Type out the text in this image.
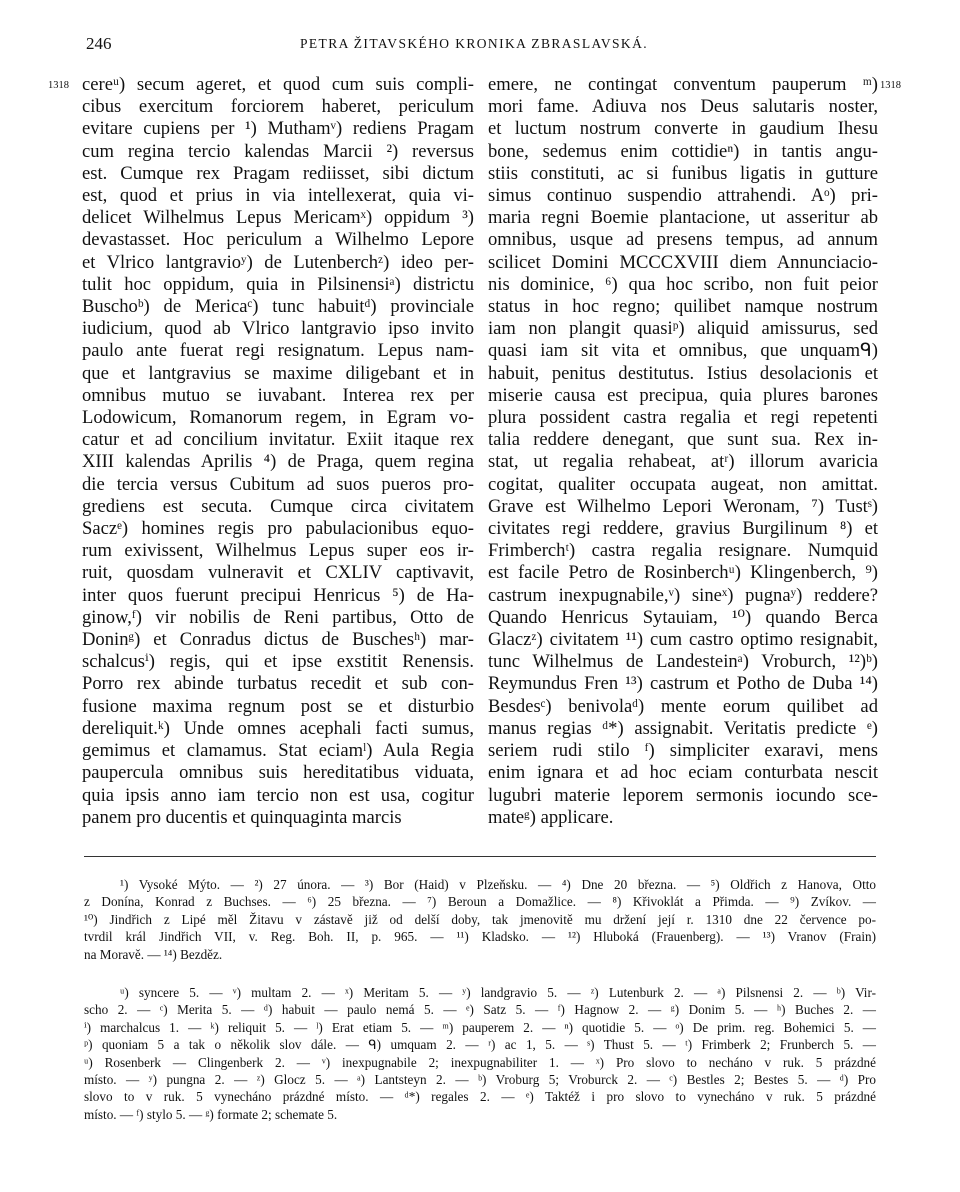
246	PETRA ŽITAVSKÉHO KRONIKA ZBRASLAVSKÁ.
1318	1318
cereᵘ) secum ageret, et quod cum suis compli-
cibus exercitum forciorem haberet, periculum
evitare cupiens per ¹) Muthamᵛ) rediens Pragam
cum regina tercio kalendas Marcii ²) reversus
est. Cumque rex Pragam rediisset, sibi dictum
est, quod et prius in via intellexerat, quia vi-
delicet Wilhelmus Lepus Mericamˣ) oppidum ³)
devastasset. Hoc periculum a Wilhelmo Lepore
et Vlrico lantgravioʸ) de Lutenberchᶻ) ideo per-
tulit hoc oppidum, quia in Pilsinensiᵃ) districtu
Buschoᵇ) de Mericaᶜ) tunc habuitᵈ) provinciale
iudicium, quod ab Vlrico lantgravio ipso invito
paulo ante fuerat regi resignatum. Lepus nam-
que et lantgravius se maxime diligebant et in
omnibus mutuo se iuvabant. Interea rex per
Lodowicum, Romanorum regem, in Egram vo-
catur et ad concilium invitatur. Exiit itaque rex
XIII kalendas Aprilis ⁴) de Praga, quem regina
die tercia versus Cubitum ad suos pueros pro-
grediens est secuta. Cumque circa civitatem
Saczᵉ) homines regis pro pabulacionibus equo-
rum exivissent, Wilhelmus Lepus super eos ir-
ruit, quosdam vulneravit et CXLIV captivavit,
inter quos fuerunt precipui Henricus ⁵) de Ha-
ginow,ᶠ) vir nobilis de Reni partibus, Otto de
Doninᵍ) et Conradus dictus de Buschesʰ) mar-
schalcusⁱ) regis, qui et ipse exstitit Renensis.
Porro rex abinde turbatus recedit et sub con-
fusione maxima regnum post se et disturbio
dereliquit.ᵏ) Unde omnes acephali facti sumus,
gemimus et clamamus. Stat eciamˡ) Aula Regia
paupercula omnibus suis hereditatibus viduata,
quia ipsis anno iam tercio non est usa, cogitur
panem pro ducentis et quinquaginta marcis
emere, ne contingat conventum pauperum ᵐ)
mori fame. Adiuva nos Deus salutaris noster,
et luctum nostrum converte in gaudium Ihesu
bone, sedemus enim cottidieⁿ) in tantis angu-
stiis constituti, ac si funibus ligatis in gutture
simus continuo suspendio attrahendi. Aᵒ) pri-
maria regni Boemie plantacione, ut asseritur ab
omnibus, usque ad presens tempus, ad annum
scilicet Domini MCCCXVIII diem Annunciacio-
nis dominice, ⁶) qua hoc scribo, non fuit peior
status in hoc regno; quilibet namque nostrum
iam non plangit quasiᵖ) aliquid amissurus, sed
quasi iam sit vita et omnibus, que unquamᑫ)
habuit, penitus destitutus. Istius desolacionis et
miserie causa est precipua, quia plures barones
plura possident castra regalia et regi repetenti
talia reddere denegant, que sunt sua. Rex in-
stat, ut regalia rehabeat, atʳ) illorum avaricia
cogitat, qualiter occupata augeat, non amittat.
Grave est Wilhelmo Lepori Weronam, ⁷) Tustˢ)
civitates regi reddere, gravius Burgilinum ⁸) et
Frimberchᵗ) castra regalia resignare. Numquid
est facile Petro de Rosinberchᵘ) Klingenberch, ⁹)
castrum inexpugnabile,ᵛ) sineˣ) pugnaʸ) reddere?
Quando Henricus Sytauiam, ¹⁰) quando Berca
Glaczᶻ) civitatem ¹¹) cum castro optimo resignabit,
tunc Wilhelmus de Landesteinᵃ) Vroburch, ¹²)ᵇ)
Reymundus Fren ¹³) castrum et Potho de Duba ¹⁴)
Besdesᶜ) benivolaᵈ) mente eorum quilibet ad
manus regias ᵈ*) assignabit. Veritatis predicte ᵉ)
seriem rudi stilo ᶠ) simpliciter exaravi, mens
enim ignara et ad hoc eciam conturbata nescit
lugubri materie leporem sermonis iocundo sce-
mateᵍ) applicare.
¹) Vysoké Mýto. — ²) 27 února. — ³) Bor (Haid) v Plzeňsku. — ⁴) Dne 20 března. — ⁵) Oldřich z Hanova, Otto
z Donína, Konrad z Buchses. — ⁶) 25 března. — ⁷) Beroun a Domažlice. — ⁸) Křivoklát a Přimda. — ⁹) Zvíkov. —
¹⁰) Jindřich z Lipé měl Žitavu v zástavě již od delší doby, tak jmenovitě mu držení její r. 1310 dne 22 července po-
tvrdil král Jindřich VII, v. Reg. Boh. II, p. 965. — ¹¹) Kladsko. — ¹²) Hluboká (Frauenberg). — ¹³) Vranov (Frain)
na Moravě. — ¹⁴) Bezděz.
ᵘ) syncere 5. — ᵛ) multam 2. — ˣ) Meritam 5. — ʸ) landgravio 5. — ᶻ) Lutenburk 2. — ᵃ) Pilsnensi 2. — ᵇ) Vir-
scho 2. — ᶜ) Merita 5. — ᵈ) habuit — paulo nemá 5. — ᵉ) Satz 5. — ᶠ) Hagnow 2. — ᵍ) Donim 5. — ʰ) Buches 2. —
ⁱ) marchalcus 1. — ᵏ) reliquit 5. — ˡ) Erat etiam 5. — ᵐ) pauperem 2. — ⁿ) quotidie 5. — ᵒ) De prim. reg. Bohemici 5. —
ᵖ) quoniam 5 a tak o několik slov dále. — ᑫ) umquam 2. — ʳ) ac 1, 5. — ˢ) Thust 5. — ᵗ) Frimberk 2; Frunberch 5. —
ᵘ) Rosenberk — Clingenberk 2. — ᵛ) inexpugnabile 2; inexpugnabiliter 1. — ˣ) Pro slovo to necháno v ruk. 5 prázdné
místo. — ʸ) pungna 2. — ᶻ) Glocz 5. — ᵃ) Lantsteyn 2. — ᵇ) Vroburg 5; Vroburck 2. — ᶜ) Bestles 2; Bestes 5. — ᵈ) Pro
slovo to v ruk. 5 vynecháno prázdné místo. — ᵈ*) regales 2. — ᵉ) Taktéž i pro slovo to vynecháno v ruk. 5 prázdné
místo. — ᶠ) stylo 5. — ᵍ) formate 2; schemate 5.
